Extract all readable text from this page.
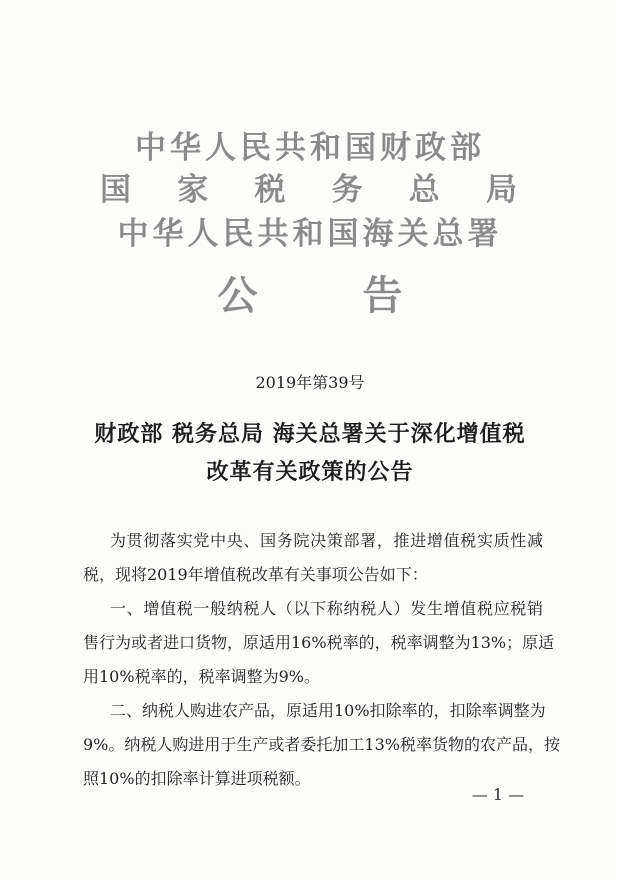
中华人民共和国财政部
国 家 税 务 总 局
中华人民共和国海关总署
公	告
2019年第39号
财政部 税务总局 海关总署关于深化增值税
改革有关政策的公告
为贯彻落实党中央、国务院决策部署，推进增值税实质性减
税，现将2019年增值税改革有关事项公告如下：
一、增值税一般纳税人（以下称纳税人）发生增值税应税销
售行为或者进口货物，原适用16%税率的，税率调整为13%；原适
用10%税率的，税率调整为9%。
二、纳税人购进农产品，原适用10%扣除率的，扣除率调整为
9%。纳税人购进用于生产或者委托加工13%税率货物的农产品，按
照10%的扣除率计算进项税额。
— 1 —
